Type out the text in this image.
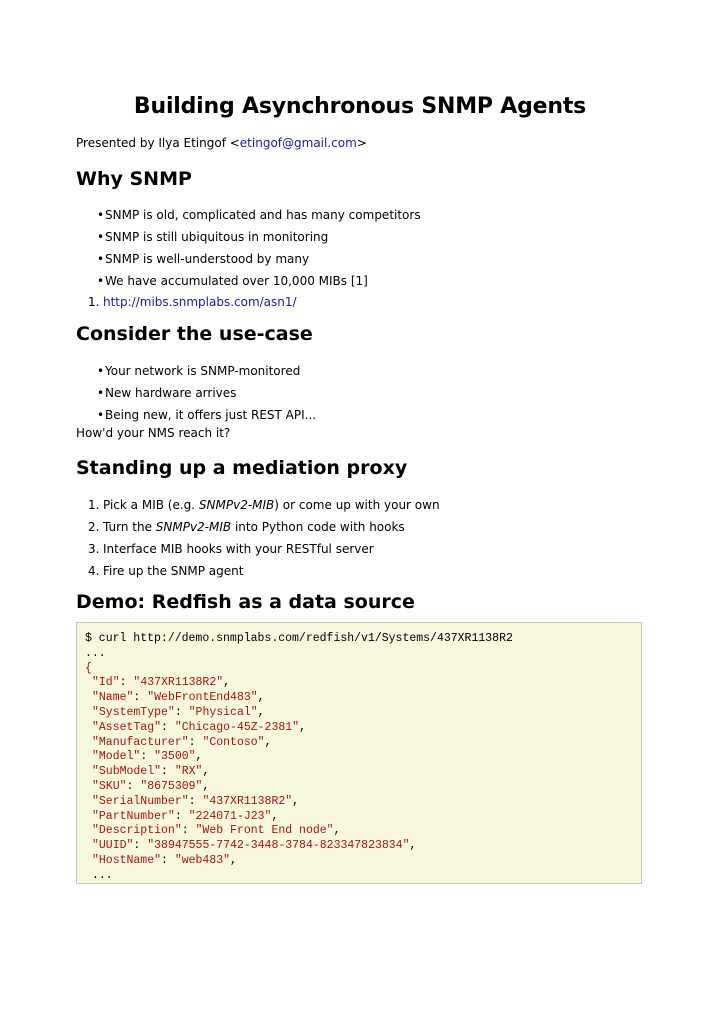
Building Asynchronous SNMP Agents
Presented by Ilya Etingof <etingof@gmail.com>
Why SNMP
•SNMP is old, complicated and has many competitors
•SNMP is still ubiquitous in monitoring
•SNMP is well-understood by many
•We have accumulated over 10,000 MIBs [1]
1. http://mibs.snmplabs.com/asn1/
Consider the use-case
•Your network is SNMP-monitored
•New hardware arrives
•Being new, it offers just REST API...
How'd your NMS reach it?
Standing up a mediation proxy
1. Pick a MIB (e.g. SNMPv2-MIB) or come up with your own
2. Turn the SNMPv2-MIB into Python code with hooks
3. Interface MIB hooks with your RESTful server
4. Fire up the SNMP agent
Demo: Redfish as a data source
$ curl http://demo.snmplabs.com/redfish/v1/Systems/437XR1138R2
...
{
"Id": "437XR1138R2",
"Name": "WebFrontEnd483",
"SystemType": "Physical",
"AssetTag": "Chicago-45Z-2381",
"Manufacturer": "Contoso",
"Model": "3500",
"SubModel": "RX",
"SKU": "8675309",
"SerialNumber": "437XR1138R2",
"PartNumber": "224071-J23",
"Description": "Web Front End node",
"UUID": "38947555-7742-3448-3784-823347823834",
"HostName": "web483",
...
